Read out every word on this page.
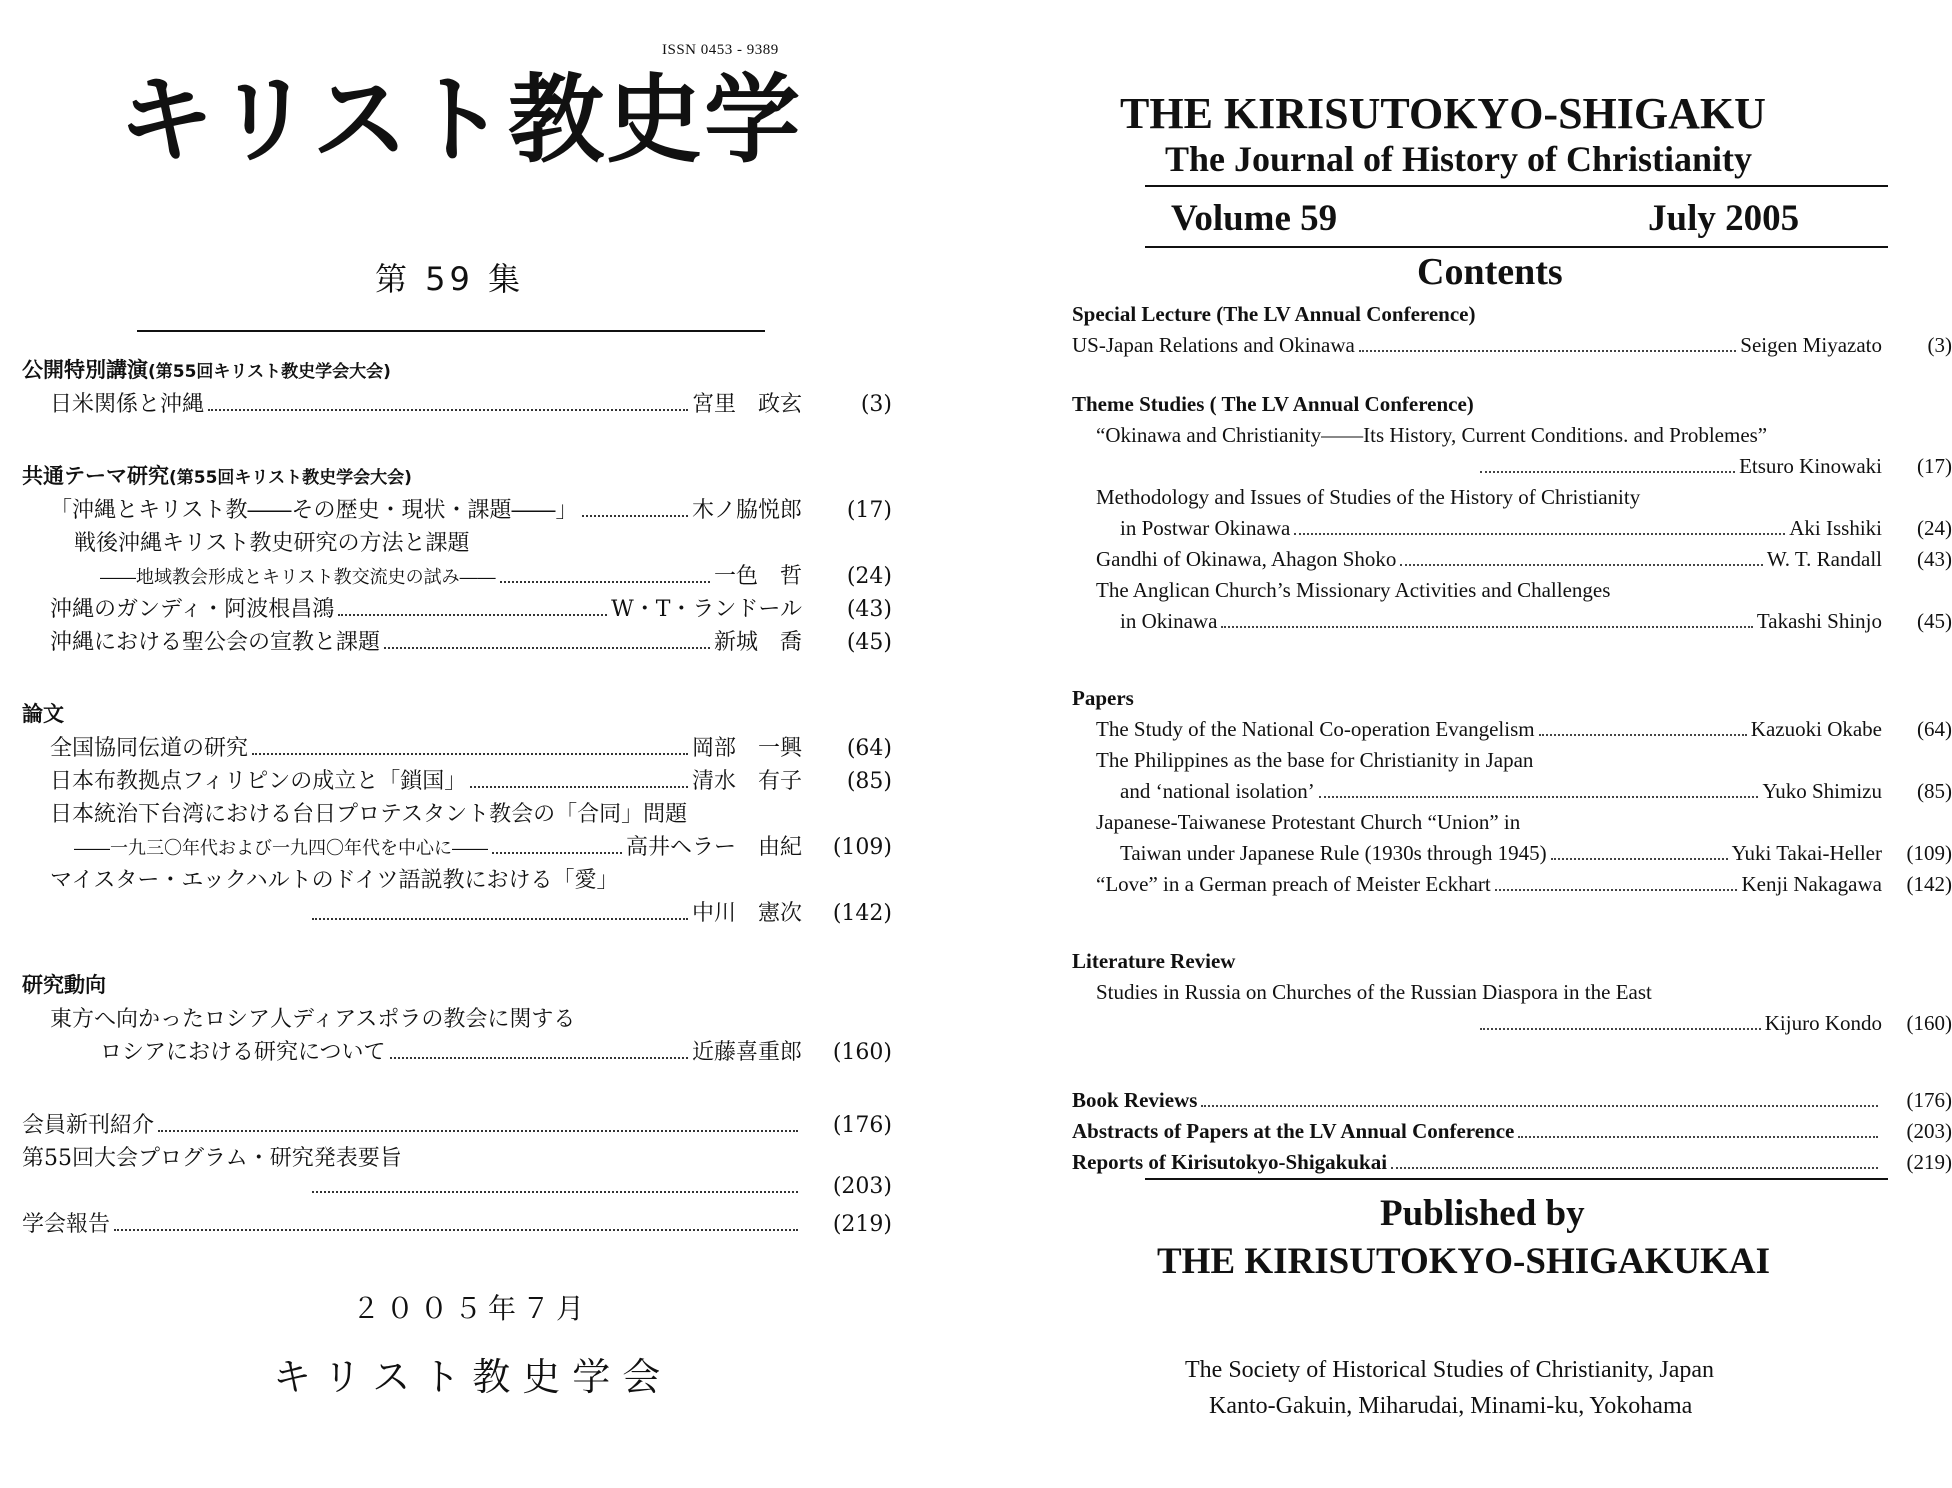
ISSN 0453 - 9389
キリスト教史学
第 59 集
公開特別講演(第55回キリスト教史学会大会)
日米関係と沖縄	宮里　政玄	(3)
共通テーマ研究(第55回キリスト教史学会大会)
「沖縄とキリスト教――その歴史・現状・課題――」	木ノ脇悦郎	(17)
戦後沖縄キリスト教史研究の方法と課題
――地域教会形成とキリスト教交流史の試み――	一色　哲	(24)
沖縄のガンディ・阿波根昌鴻	W・T・ランドール	(43)
沖縄における聖公会の宣教と課題	新城　喬	(45)
論文
全国協同伝道の研究	岡部　一興	(64)
日本布教拠点フィリピンの成立と「鎖国」	清水　有子	(85)
日本統治下台湾における台日プロテスタント教会の「合同」問題
――一九三〇年代および一九四〇年代を中心に――	高井ヘラー　由紀	(109)
マイスター・エックハルトのドイツ語説教における「愛」
中川　憲次	(142)
研究動向
東方へ向かったロシア人ディアスポラの教会に関する
ロシアにおける研究について	近藤喜重郎	(160)
会員新刊紹介	(176)
第55回大会プログラム・研究発表要旨
(203)
学会報告	(219)
２００５年７月
キリスト教史学会
THE KIRISUTOKYO-SHIGAKU
The Journal of History of Christianity
Volume 59	July 2005
Contents
Special Lecture (The LV Annual Conference)
US-Japan Relations and Okinawa	Seigen Miyazato	(3)
Theme Studies ( The LV Annual Conference)
“Okinawa and Christianity——Its History, Current Conditions. and Problemes”
Etsuro Kinowaki	(17)
Methodology and Issues of Studies of the History of Christianity
in Postwar Okinawa	Aki Isshiki	(24)
Gandhi of Okinawa, Ahagon Shoko	W. T. Randall	(43)
The Anglican Church’s Missionary Activities and Challenges
in Okinawa	Takashi Shinjo	(45)
Papers
The Study of the National Co-operation Evangelism	Kazuoki Okabe	(64)
The Philippines as the base for Christianity in Japan
and ‘national isolation’	Yuko Shimizu	(85)
Japanese-Taiwanese Protestant Church “Union” in
Taiwan under Japanese Rule (1930s through 1945)	Yuki Takai-Heller	(109)
“Love” in a German preach of Meister Eckhart	Kenji Nakagawa	(142)
Literature Review
Studies in Russia on Churches of the Russian Diaspora in the East
Kijuro Kondo	(160)
Book Reviews	(176)
Abstracts of Papers at the LV Annual Conference	(203)
Reports of Kirisutokyo-Shigakukai	(219)
Published by
THE KIRISUTOKYO-SHIGAKUKAI
The Society of Historical Studies of Christianity, Japan
Kanto-Gakuin, Miharudai, Minami-ku, Yokohama
